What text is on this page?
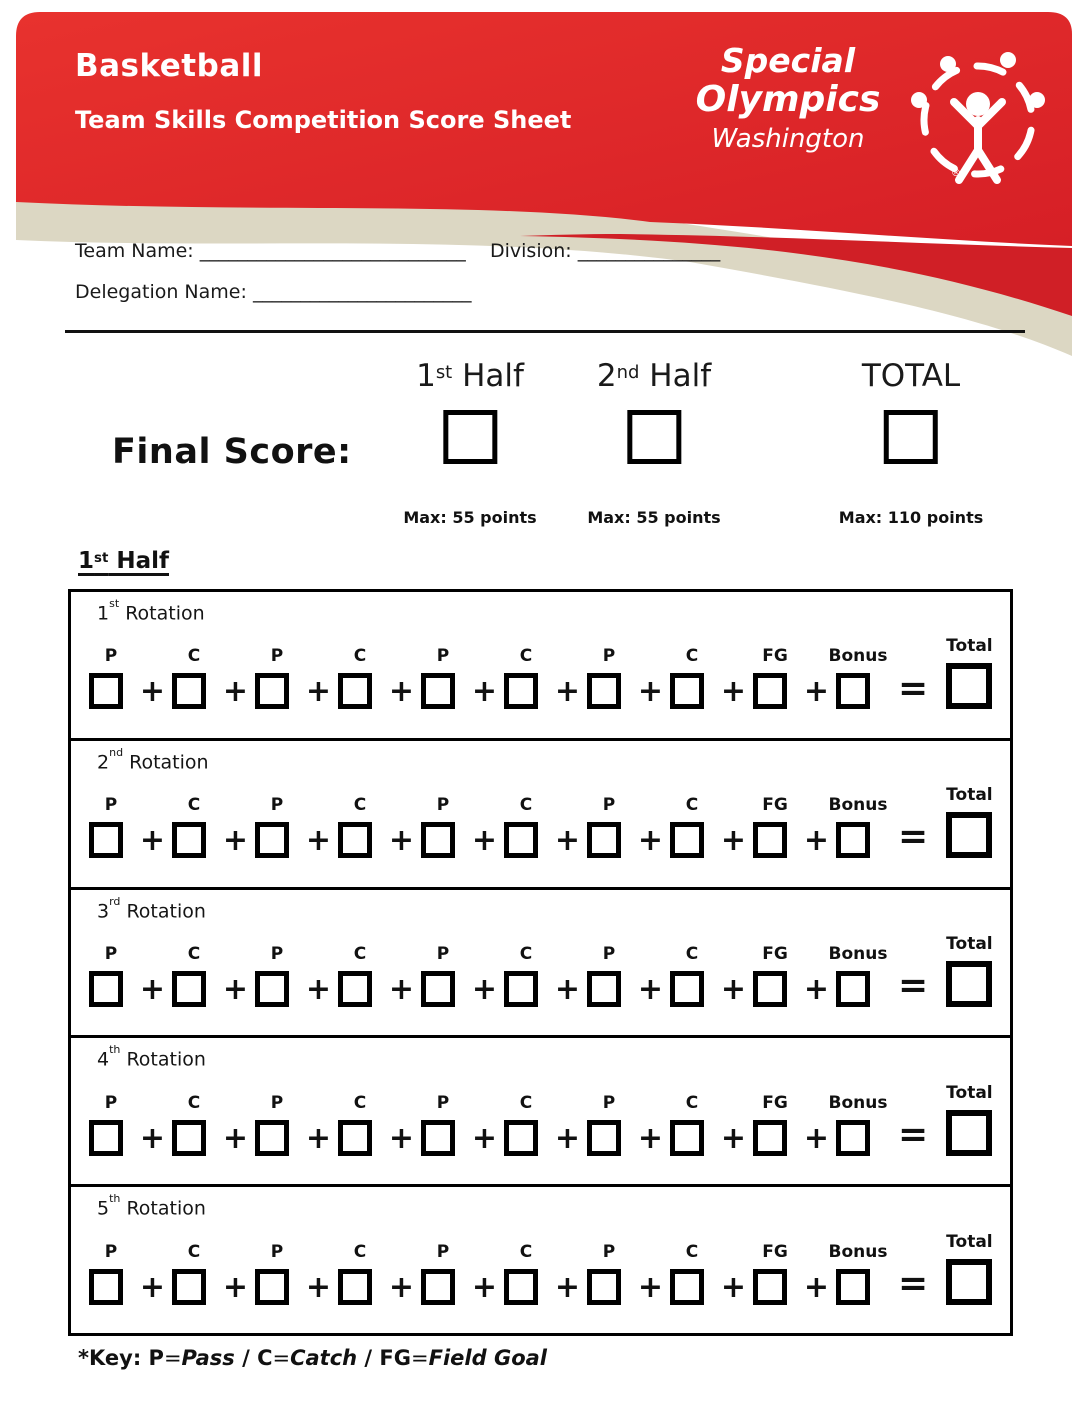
Basketball
Team Skills Competition Score Sheet
Special
Olympics
Washington
®
Team Name: ____________________________ Division: _______________
Delegation Name: _______________________
Final Score:
1st Half
Max: 55 points
2nd Half
Max: 55 points
TOTAL
Max: 110 points
1st Half
1st Rotation
P
+
C
+
P
+
C
+
P
+
C
+
P
+
C
+
FG
+
Bonus
=
Total
2nd Rotation
P
+
C
+
P
+
C
+
P
+
C
+
P
+
C
+
FG
+
Bonus
=
Total
3rd Rotation
P
+
C
+
P
+
C
+
P
+
C
+
P
+
C
+
FG
+
Bonus
=
Total
4th Rotation
P
+
C
+
P
+
C
+
P
+
C
+
P
+
C
+
FG
+
Bonus
=
Total
5th Rotation
P
+
C
+
P
+
C
+
P
+
C
+
P
+
C
+
FG
+
Bonus
=
Total

*Key: P=Pass / C=Catch / FG=Field Goal
